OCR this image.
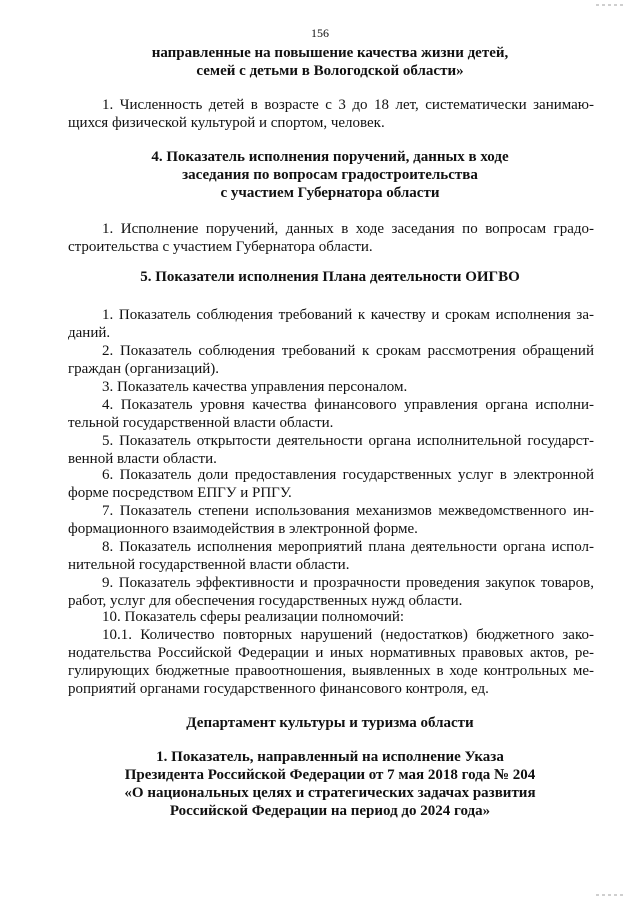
156
направленные на повышение качества жизни детей,
семей с детьми в Вологодской области»
1. Численность детей в возрасте с 3 до 18 лет, систематически занимаю-
щихся физической культурой и спортом, человек.
4. Показатель исполнения поручений, данных в ходе
заседания по вопросам градостроительства
с участием Губернатора области
1. Исполнение поручений, данных в ходе заседания по вопросам градо-
строительства с участием Губернатора области.
5. Показатели исполнения Плана деятельности ОИГВО
1. Показатель соблюдения требований к качеству и срокам исполнения за-
даний.
2. Показатель соблюдения требований к срокам рассмотрения обращений
граждан (организаций).
3. Показатель качества управления персоналом.
4. Показатель уровня качества финансового управления органа исполни-
тельной государственной власти области.
5. Показатель открытости деятельности органа исполнительной государст-
венной власти области.
6. Показатель доли предоставления государственных услуг в электронной
форме посредством ЕПГУ и РПГУ.
7. Показатель степени использования механизмов межведомственного ин-
формационного взаимодействия в электронной форме.
8. Показатель исполнения мероприятий плана деятельности органа испол-
нительной государственной власти области.
9. Показатель эффективности и прозрачности проведения закупок товаров,
работ, услуг для обеспечения государственных нужд области.
10. Показатель сферы реализации полномочий:
10.1. Количество повторных нарушений (недостатков) бюджетного зако-
нодательства Российской Федерации и иных нормативных правовых актов, ре-
гулирующих бюджетные правоотношения, выявленных в ходе контрольных ме-
роприятий органами государственного финансового контроля, ед.
Департамент культуры и туризма области
1. Показатель, направленный на исполнение Указа
Президента Российской Федерации от 7 мая 2018 года № 204
«О национальных целях и стратегических задачах развития
Российской Федерации на период до 2024 года»
